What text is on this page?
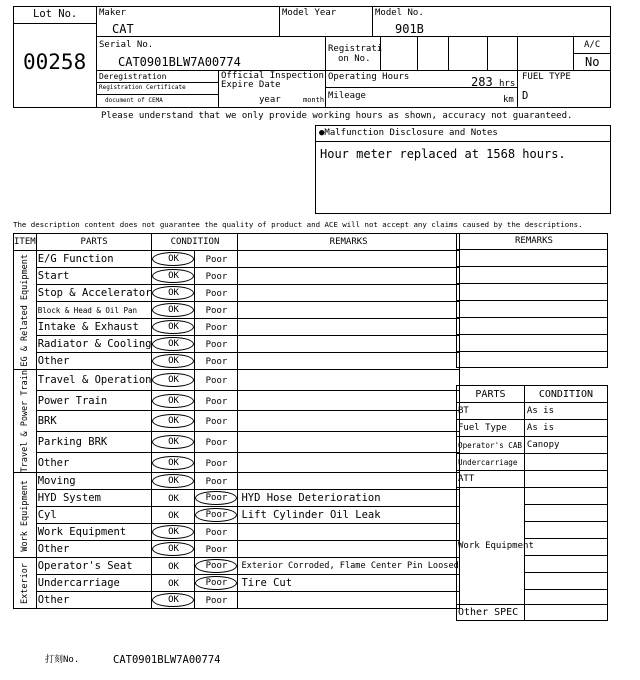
Lot No.
00258
Maker
CAT
Model Year	Model No.
901B
Serial No.
CAT0901BLW7A00774
Registrati
on No.
A/C
No
Deregistration
Registration Certificate
document of CEMA
Official Inspection
Expire Date
year	month
Operating Hours	283 hrs
Mileage	km
FUEL TYPE
D
Please understand that we only provide working hours as shown, accuracy not guaranteed.
●Malfunction Disclosure and Notes
Hour meter replaced at 1568 hours.
The description content does not guarantee the quality of product and ACE will not accept any claims caused by the descriptions.
ITEM	PARTS	CONDITION		REMARKS

EG & Related Equipment	E/G Function	OK	Poor	
	Start	OK	Poor	
	Stop & Accelerator	OK	Poor	
	Block & Head & Oil Pan	OK	Poor	
	Intake & Exhaust	OK	Poor	
	Radiator & Cooling	OK	Poor	
	Other	OK	Poor	

Travel & Power Train	Travel & Operation	OK	Poor	
	Power Train	OK	Poor	
	BRK	OK	Poor	
	Parking BRK	OK	Poor	
	Other	OK	Poor	

Work Equipment	Moving	OK	Poor	
	HYD System	OK	Poor	HYD Hose Deterioration
	Cyl	OK	Poor	Lift Cylinder Oil Leak
	Work Equipment	OK	Poor	
	Other	OK	Poor	

Exterior	Operator's Seat	OK	Poor	Exterior Corroded, Flame Center Pin Loosed
	Undercarriage	OK	Poor	Tire Cut
	Other	OK	Poor	
REMARKS
PARTS	CONDITION
BT	As is
Fuel Type	As is
Operator's CAB	Canopy
Undercarriage	
ATT	
Work Equipment
Other SPEC
打刻No.	CAT0901BLW7A00774
